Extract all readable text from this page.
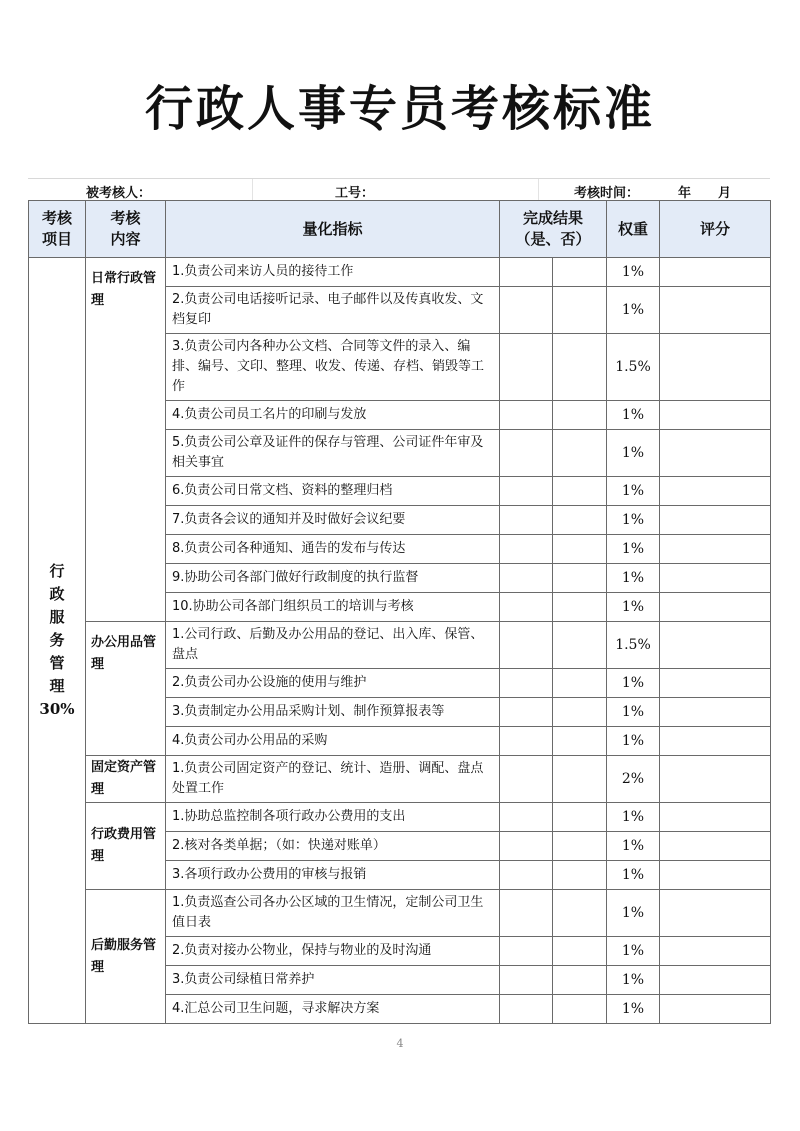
行政人事专员考核标准
被考核人：	工号：	考核时间：	年 月
考核项目	考核内容	量化指标	完成结果（是、否）		权重	评分

行政服务管理
30%	日常行政管理	1.负责公司来访人员的接待工作			1%	
		2.负责公司电话接听记录、电子邮件以及传真收发、文档复印			1%	
		3.负责公司内各种办公文档、合同等文件的录入、编排、编号、文印、整理、收发、传递、存档、销毁等工作			1.5%	
		4.负责公司员工名片的印刷与发放			1%	
		5.负责公司公章及证件的保存与管理、公司证件年审及相关事宜			1%	
		6.负责公司日常文档、资料的整理归档			1%	
		7.负责各会议的通知并及时做好会议纪要			1%	
		8.负责公司各种通知、通告的发布与传达			1%	
		9.协助公司各部门做好行政制度的执行监督			1%	
		10.协助公司各部门组织员工的培训与考核			1%	
	办公用品管理	1.公司行政、后勤及办公用品的登记、出入库、保管、盘点			1.5%	
		2.负责公司办公设施的使用与维护			1%	
		3.负责制定办公用品采购计划、制作预算报表等			1%	
		4.负责公司办公用品的采购			1%	
	固定资产管理	1.负责公司固定资产的登记、统计、造册、调配、盘点处置工作			2%	
	行政费用管理	1.协助总监控制各项行政办公费用的支出			1%	
		2.核对各类单据；（如：快递对账单）			1%	
		3.各项行政办公费用的审核与报销			1%	
	后勤服务管理	1.负责巡查公司各办公区域的卫生情况，定制公司卫生值日表			1%	
		2.负责对接办公物业，保持与物业的及时沟通			1%	
		3.负责公司绿植日常养护			1%	
		4.汇总公司卫生问题，寻求解决方案			1%	
4
